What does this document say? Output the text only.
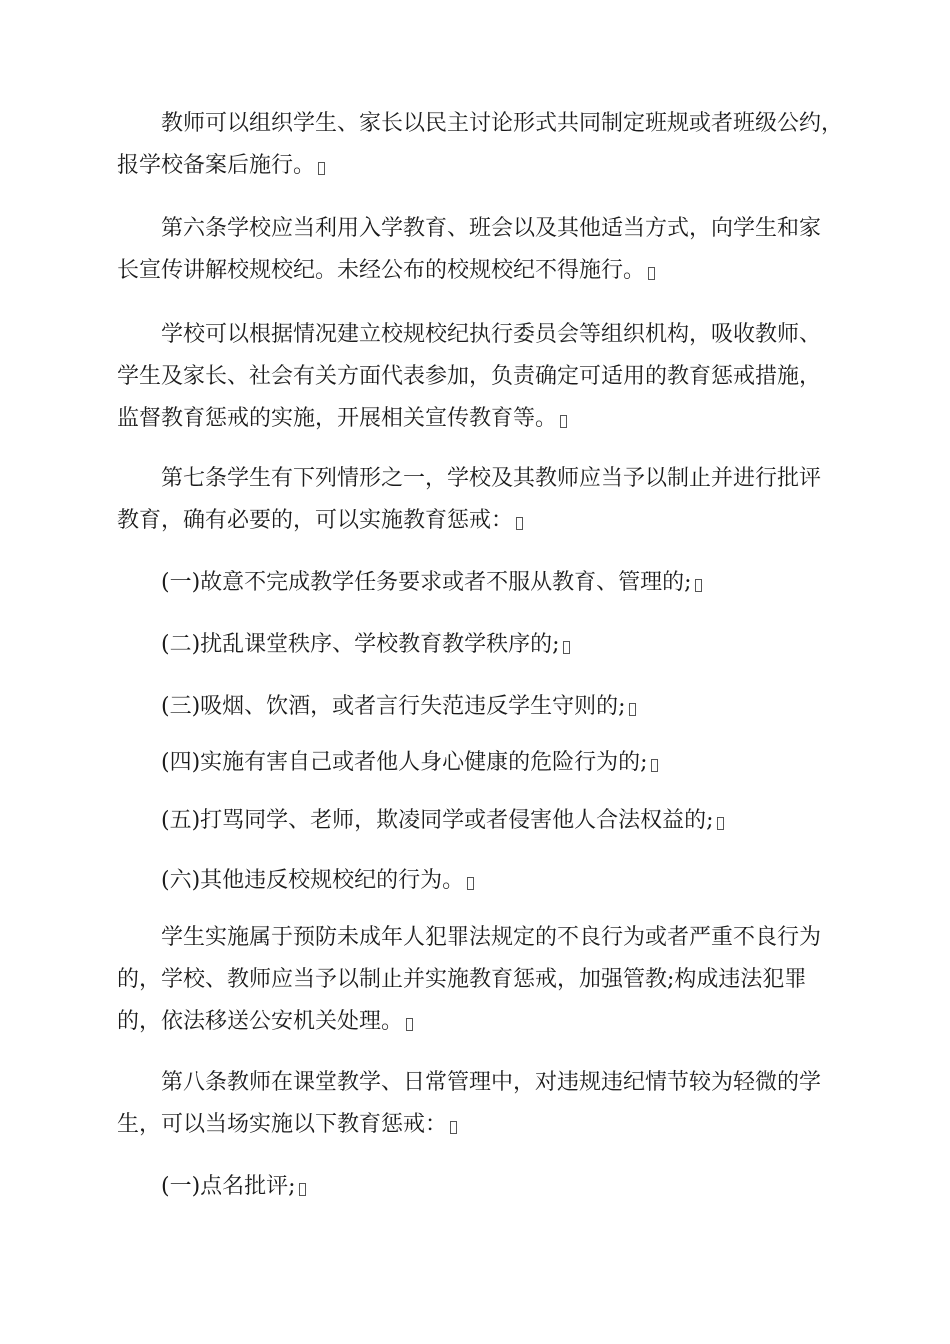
　　教师可以组织学生、家长以民主讨论形式共同制定班规或者班级公约，
报学校备案后施行。

　　第六条学校应当利用入学教育、班会以及其他适当方式，向学生和家
长宣传讲解校规校纪。未经公布的校规校纪不得施行。

　　学校可以根据情况建立校规校纪执行委员会等组织机构，吸收教师、
学生及家长、社会有关方面代表参加，负责确定可适用的教育惩戒措施，
监督教育惩戒的实施，开展相关宣传教育等。

　　第七条学生有下列情形之一，学校及其教师应当予以制止并进行批评
教育，确有必要的，可以实施教育惩戒：

　　(一)故意不完成教学任务要求或者不服从教育、管理的;

　　(二)扰乱课堂秩序、学校教育教学秩序的;

　　(三)吸烟、饮酒，或者言行失范违反学生守则的;

　　(四)实施有害自己或者他人身心健康的危险行为的;

　　(五)打骂同学、老师，欺凌同学或者侵害他人合法权益的;

　　(六)其他违反校规校纪的行为。

　　学生实施属于预防未成年人犯罪法规定的不良行为或者严重不良行为
的，学校、教师应当予以制止并实施教育惩戒，加强管教;构成违法犯罪
的，依法移送公安机关处理。

　　第八条教师在课堂教学、日常管理中，对违规违纪情节较为轻微的学
生，可以当场实施以下教育惩戒：

　　(一)点名批评;
